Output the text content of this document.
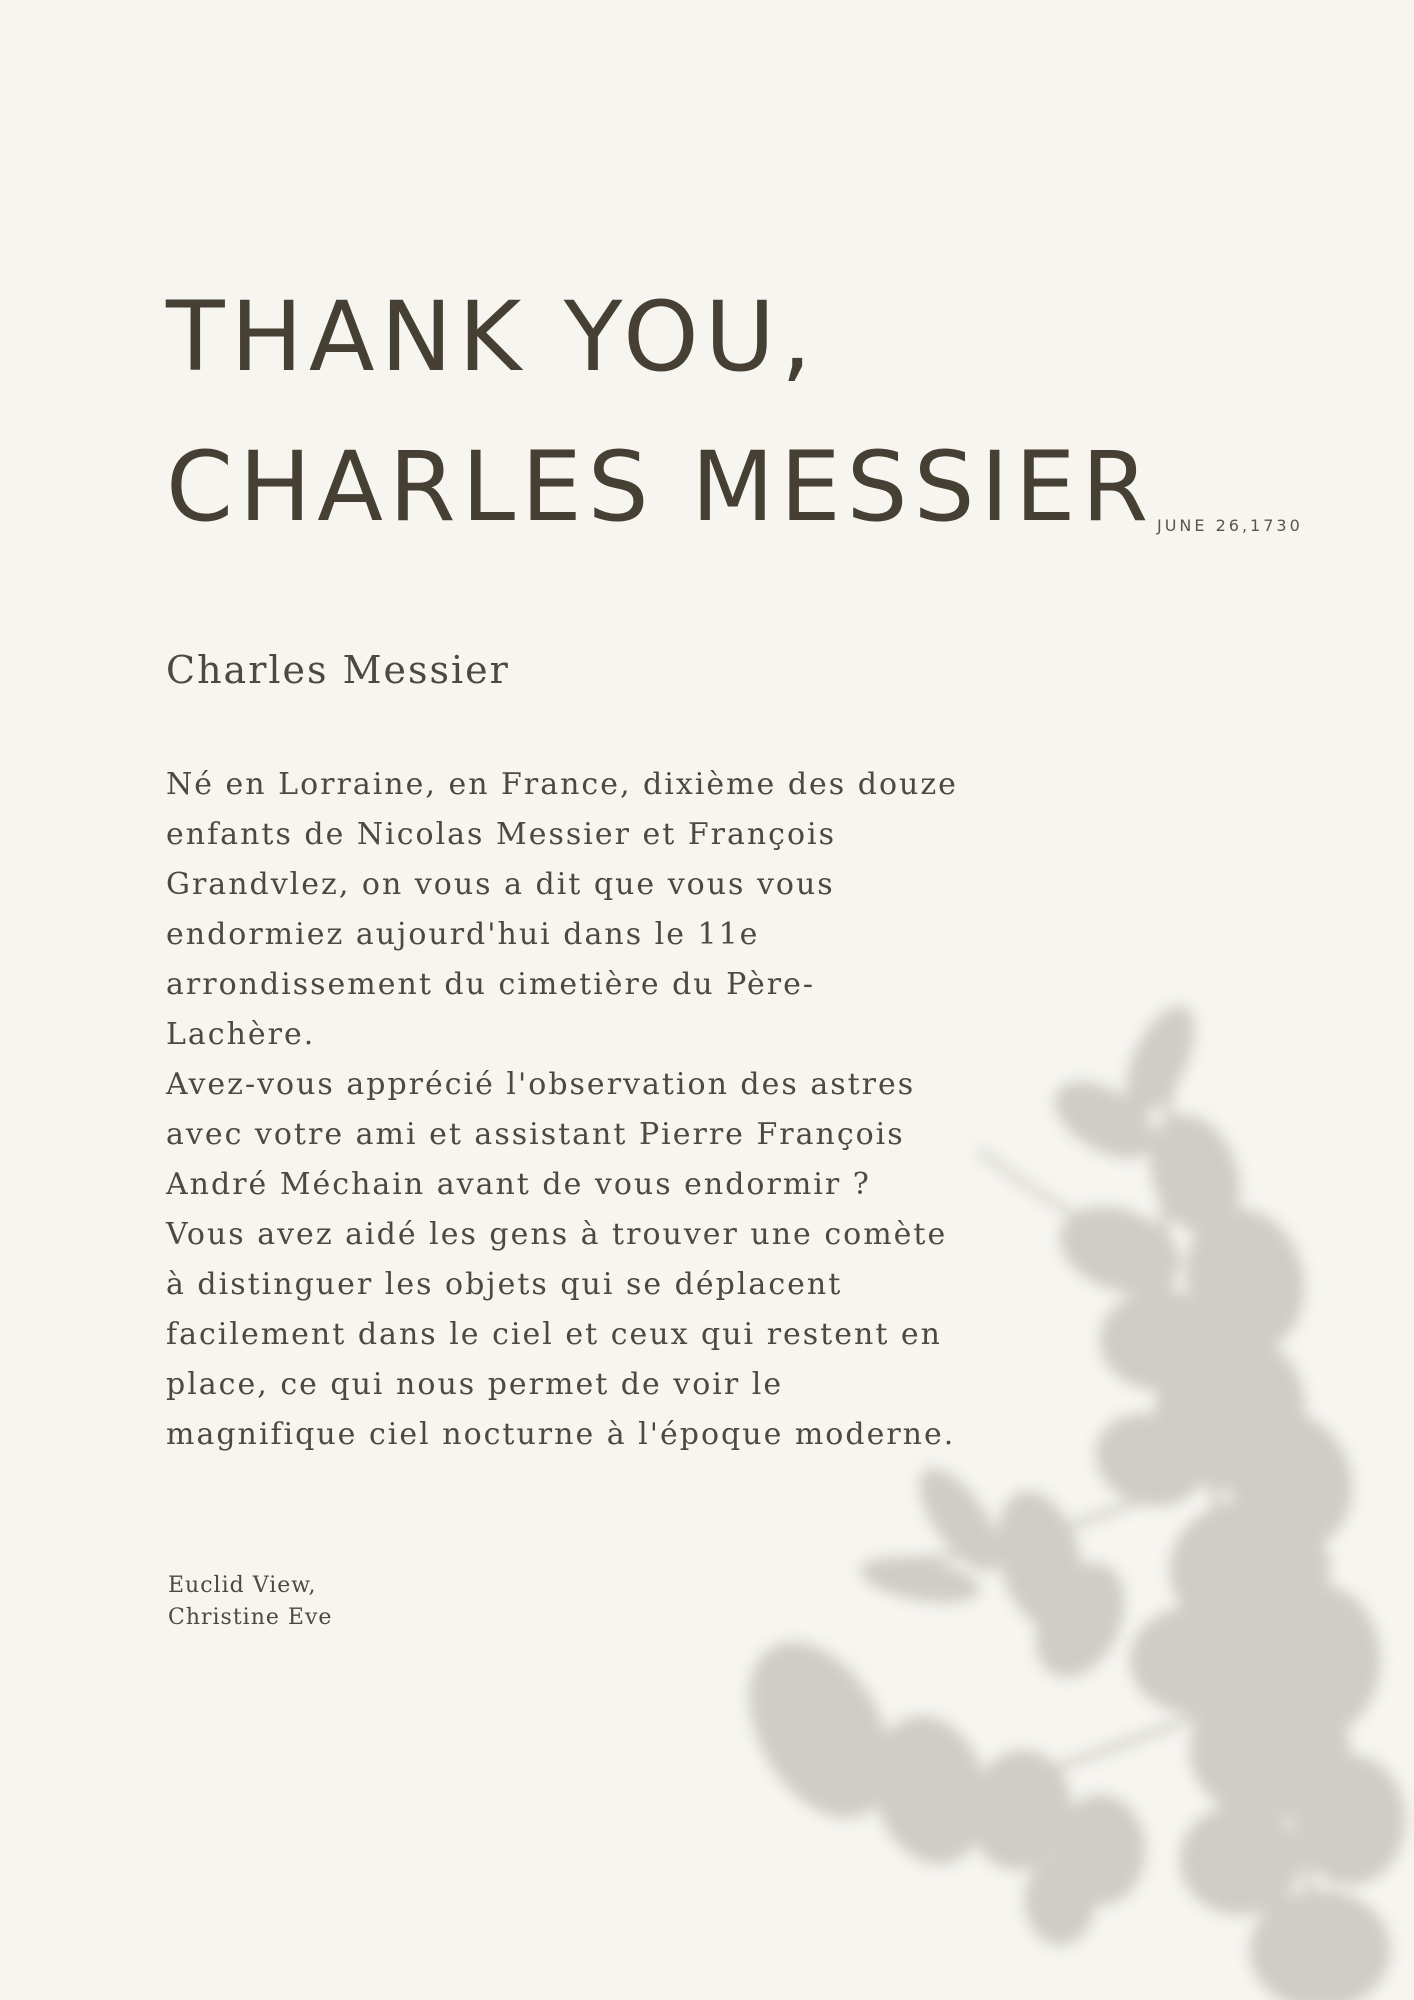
THANK YOU,
CHARLES MESSIER JUNE 26,1730
Charles Messier
Né en Lorraine, en France, dixième des douze
enfants de Nicolas Messier et François
Grandvlez, on vous a dit que vous vous
endormiez aujourd'hui dans le 11e
arrondissement du cimetière du Père-
Lachère.
Avez-vous apprécié l'observation des astres
avec votre ami et assistant Pierre François
André Méchain avant de vous endormir ?
Vous avez aidé les gens à trouver une comète
à distinguer les objets qui se déplacent
facilement dans le ciel et ceux qui restent en
place, ce qui nous permet de voir le
magnifique ciel nocturne à l'époque moderne.
Euclid View,
Christine Eve
